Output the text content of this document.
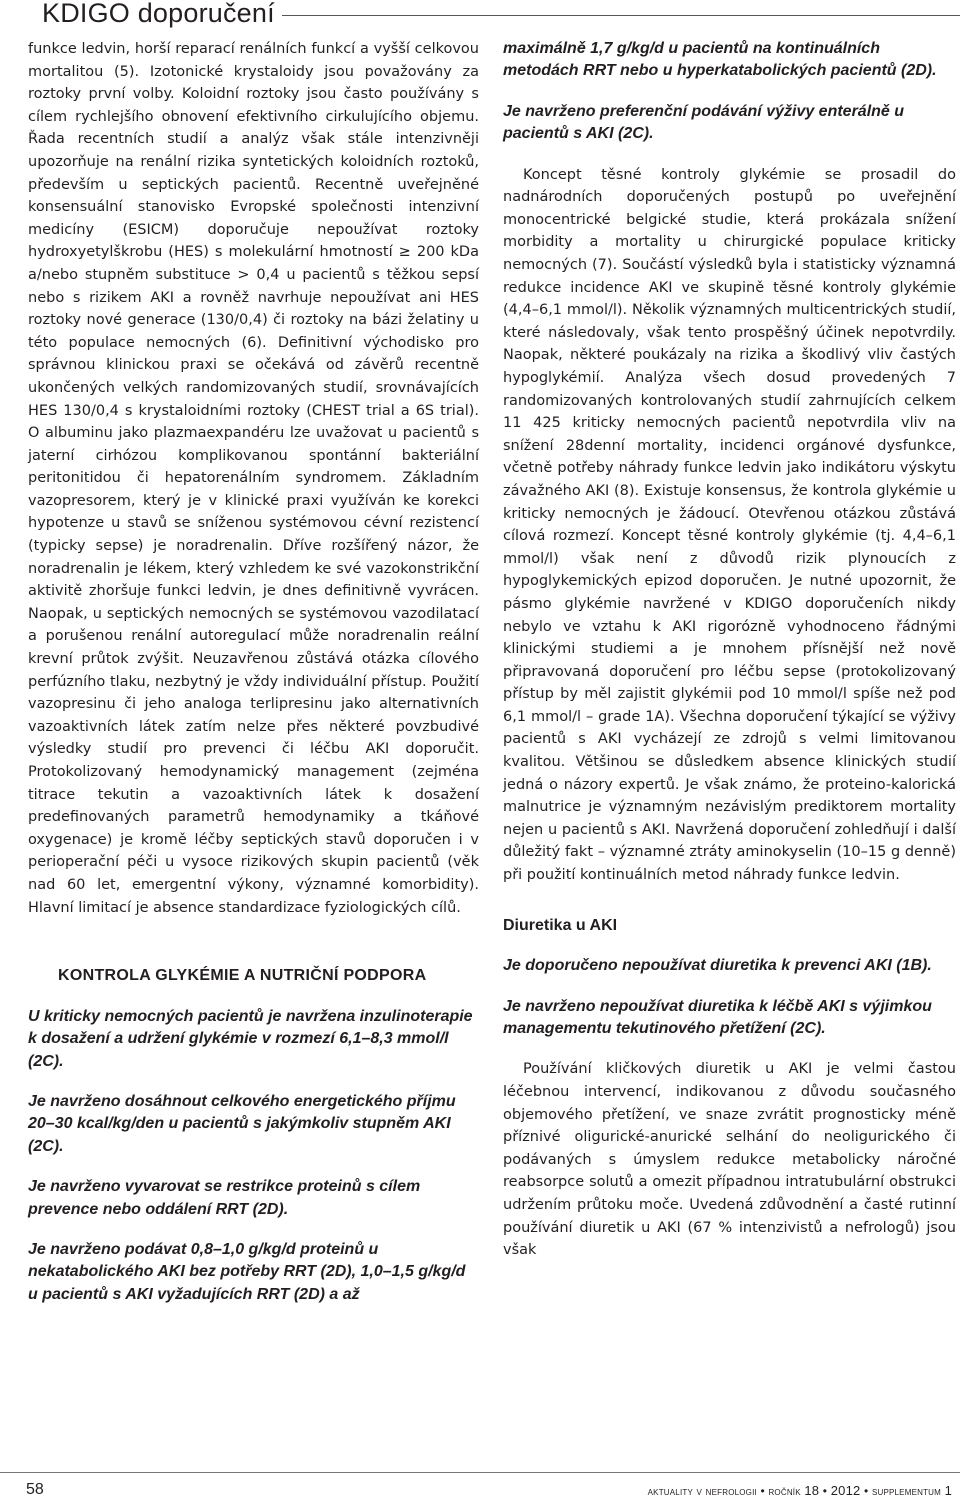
KDIGO doporučení

funkce ledvin, horší reparací renálních funkcí a vyšší celkovou mortalitou (5). Izotonické krystaloidy jsou považovány za roztoky první volby. Koloidní roztoky jsou často používány s cílem rychlejšího obnovení efektivního cirkulujícího objemu. Řada recentních studií a analýz však stále intenzivněji upozorňuje na renální rizika syntetických koloidních roztoků, především u septických pacientů. Recentně uveřejněné konsensuální stanovisko Evropské společnosti intenzivní medicíny (ESICM) doporučuje nepoužívat roztoky hydroxyetylškrobu (HES) s molekulární hmotností ≥ 200 kDa a/nebo stupněm substituce > 0,4 u pacientů s těžkou sepsí nebo s rizikem AKI a rovněž navrhuje nepoužívat ani HES roztoky nové generace (130/0,4) či roztoky na bázi želatiny u této populace nemocných (6). Definitivní východisko pro správnou klinickou praxi se očekává od závěrů recentně ukončených velkých randomizovaných studií, srovnávajících HES 130/0,4 s krystaloidními roztoky (CHEST trial a 6S trial). O albuminu jako plazmaexpandéru lze uvažovat u pacientů s jaterní cirhózou komplikovanou spontánní bakteriální peritonitidou či hepatorenálním syndromem. Základním vazopresorem, který je v klinické praxi využíván ke korekci hypotenze u stavů se sníženou systémovou cévní rezistencí (typicky sepse) je noradrenalin. Dříve rozšířený názor, že noradrenalin je lékem, který vzhledem ke své vazokonstrikční aktivitě zhoršuje funkci ledvin, je dnes definitivně vyvrácen. Naopak, u septických nemocných se systémovou vazodilatací a porušenou renální autoregulací může noradrenalin reální krevní průtok zvýšit. Neuzavřenou zůstává otázka cílového perfúzního tlaku, nezbytný je vždy individuální přístup. Použití vazopresinu či jeho analoga terlipresinu jako alternativních vazoaktivních látek zatím nelze přes některé povzbudivé výsledky studií pro prevenci či léčbu AKI doporučit. Protokolizovaný hemodynamický management (zejména titrace tekutin a vazoaktivních látek k dosažení predefinovaných parametrů hemodynamiky a tkáňové oxygenace) je kromě léčby septických stavů doporučen i v perioperační péči u vysoce rizikových skupin pacientů (věk nad 60 let, emergentní výkony, významné komorbidity). Hlavní limitací je absence standardizace fyziologických cílů.

KONTROLA GLYKÉMIE A NUTRIČNÍ PODPORA

U kriticky nemocných pacientů je navržena inzulinoterapie k dosažení a udržení glykémie v rozmezí 6,1–8,3 mmol/l (2C).

Je navrženo dosáhnout celkového energetického příjmu 20–30 kcal/kg/den u pacientů s jakýmkoliv stupněm AKI (2C).

Je navrženo vyvarovat se restrikce proteinů s cílem prevence nebo oddálení RRT (2D).

Je navrženo podávat 0,8–1,0 g/kg/d proteinů u nekatabolického AKI bez potřeby RRT (2D), 1,0–1,5 g/kg/d u pacientů s AKI vyžadujících RRT (2D) a až

maximálně 1,7 g/kg/d u pacientů na kontinuálních metodách RRT nebo u hyperkatabolických pacientů (2D).

Je navrženo preferenční podávání výživy enterálně u pacientů s AKI (2C).

Koncept těsné kontroly glykémie se prosadil do nadnárodních doporučených postupů po uveřejnění monocentrické belgické studie, která prokázala snížení morbidity a mortality u chirurgické populace kriticky nemocných (7). Součástí výsledků byla i statisticky významná redukce incidence AKI ve skupině těsné kontroly glykémie (4,4–6,1 mmol/l). Několik významných multicentrických studií, které následovaly, však tento prospěšný účinek nepotvrdily. Naopak, některé poukázaly na rizika a škodlivý vliv častých hypoglykémií. Analýza všech dosud provedených 7 randomizovaných kontrolovaných studií zahrnujících celkem 11 425 kriticky nemocných pacientů nepotvrdila vliv na snížení 28denní mortality, incidenci orgánové dysfunkce, včetně potřeby náhrady funkce ledvin jako indikátoru výskytu závažného AKI (8). Existuje konsensus, že kontrola glykémie u kriticky nemocných je žádoucí. Otevřenou otázkou zůstává cílová rozmezí. Koncept těsné kontroly glykémie (tj. 4,4–6,1 mmol/l) však není z důvodů rizik plynoucích z hypoglykemických epizod doporučen. Je nutné upozornit, že pásmo glykémie navržené v KDIGO doporučeních nikdy nebylo ve vztahu k AKI rigorózně vyhodnoceno řádnými klinickými studiemi a je mnohem přísnější než nově připravovaná doporučení pro léčbu sepse (protokolizovaný přístup by měl zajistit glykémii pod 10 mmol/l spíše než pod 6,1 mmol/l – grade 1A). Všechna doporučení týkající se výživy pacientů s AKI vycházejí ze zdrojů s velmi limitovanou kvalitou. Většinou se důsledkem absence klinických studií jedná o názory expertů. Je však známo, že proteino-kalorická malnutrice je významným nezávislým prediktorem mortality nejen u pacientů s AKI. Navržená doporučení zohledňují i další důležitý fakt – významné ztráty aminokyselin (10–15 g denně) při použití kontinuálních metod náhrady funkce ledvin.

Diuretika u AKI

Je doporučeno nepoužívat diuretika k prevenci AKI (1B).

Je navrženo nepoužívat diuretika k léčbě AKI s výjimkou managementu tekutinového přetížení (2C).

Používání kličkových diuretik u AKI je velmi častou léčebnou intervencí, indikovanou z důvodu současného objemového přetížení, ve snaze zvrátit prognosticky méně příznivé oligurické-anurické selhání do neoligurického či podávaných s úmyslem redukce metabolicky náročné reabsorpce solutů a omezit případnou intratubulární obstrukci udržením průtoku moče. Uvedená zdůvodnění a časté rutinní používání diuretik u AKI (67 % intenzivistů a nefrologů) jsou však

58	aktuality v nefrologii • ročník 18 • 2012 • supplementum 1
